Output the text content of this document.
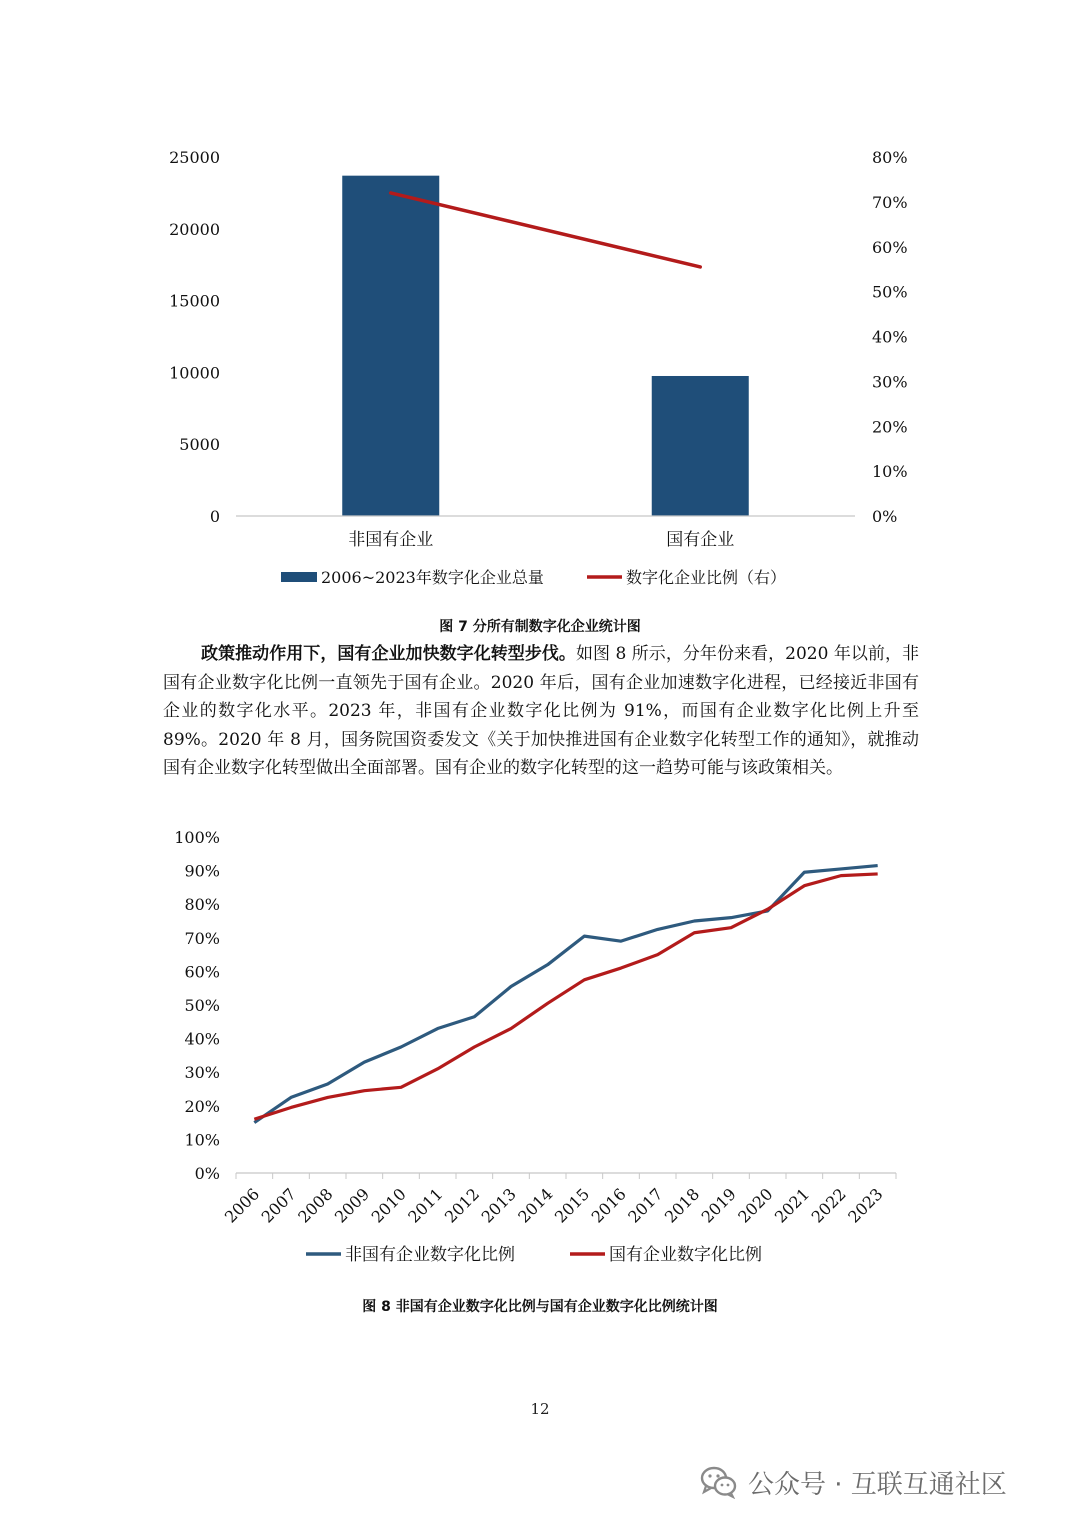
25000
20000
15000
10000
5000
0
80%
70%
60%
50%
40%
30%
20%
10%
0%
非国有企业	国有企业
2006~2023年数字化企业总量	数字化企业比例（右）
图 7 分所有制数字化企业统计图
政策推动作用下，国有企业加快数字化转型步伐。如图 8 所示，分年份来看，2020 年以前，非国有企业数字化比例一直领先于国有企业。2020 年后，国有企业加速数字化进程，已经接近非国有企业的数字化水平。2023 年，非国有企业数字化比例为 91%，而国有企业数字化比例上升至 89%。2020 年 8 月，国务院国资委发文《关于加快推进国有企业数字化转型工作的通知》，就推动国有企业数字化转型做出全面部署。国有企业的数字化转型的这一趋势可能与该政策相关。
100%
90%
80%
70%
60%
50%
40%
30%
20%
10%
0%
2006
2007
2008
2009
2010
2011
2012
2013
2014
2015
2016
2017
2018
2019
2020
2021
2022
2023
非国有企业数字化比例	国有企业数字化比例
图 8 非国有企业数字化比例与国有企业数字化比例统计图
12
公众号 · 互联互通社区
